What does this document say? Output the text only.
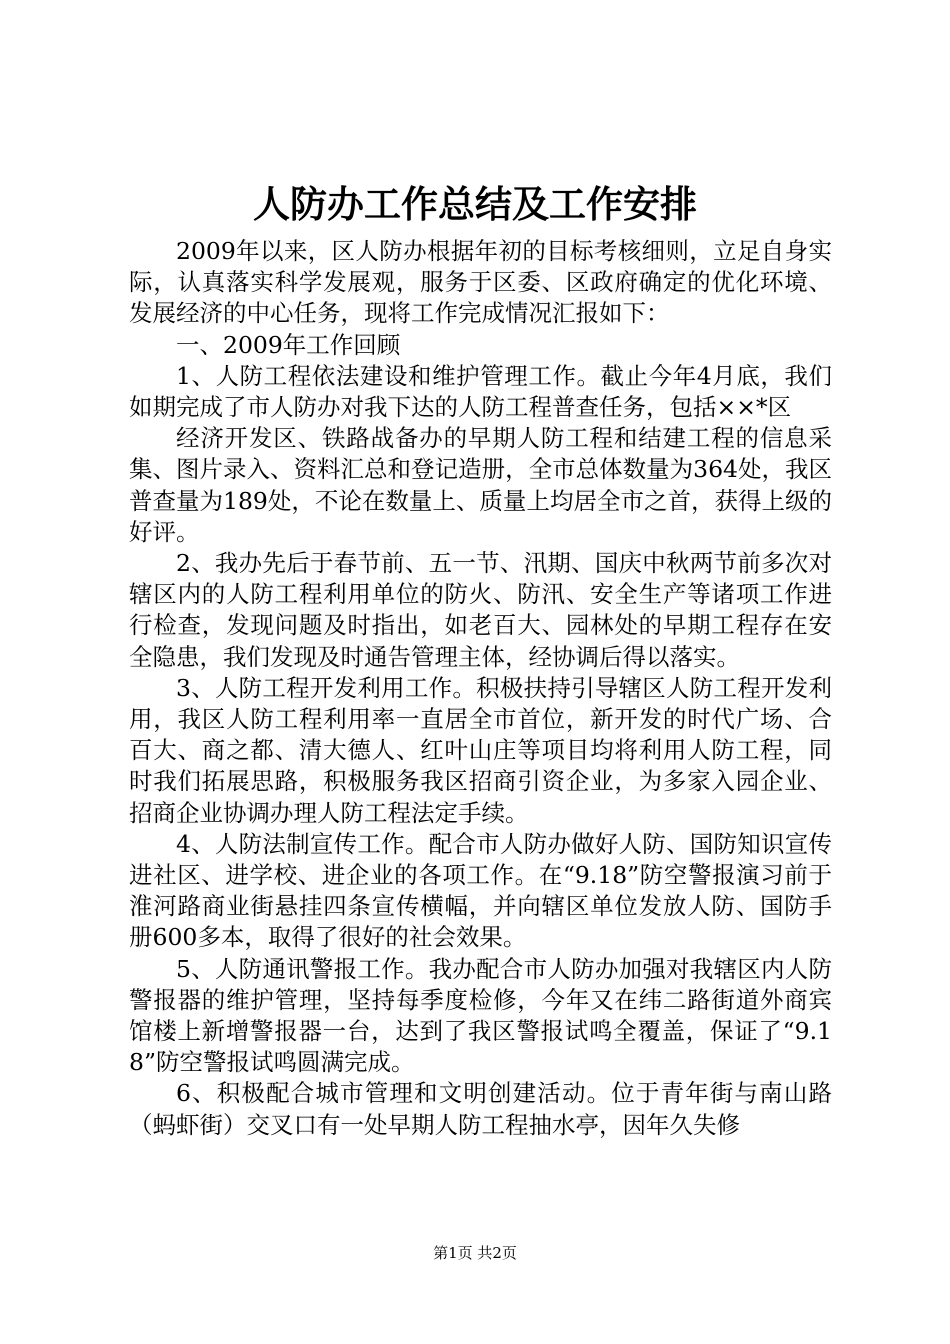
人防办工作总结及工作安排

2009年以来，区人防办根据年初的目标考核细则，立足自身实际，认真落实科学发展观，服务于区委、区政府确定的优化环境、发展经济的中心任务，现将工作完成情况汇报如下：

一、2009年工作回顾

1、人防工程依法建设和维护管理工作。截止今年4月底，我们如期完成了市人防办对我下达的人防工程普查任务，包括××*区

经济开发区、铁路战备办的早期人防工程和结建工程的信息采集、图片录入、资料汇总和登记造册，全市总体数量为364处，我区普查量为189处，不论在数量上、质量上均居全市之首，获得上级的好评。

2、我办先后于春节前、五一节、汛期、国庆中秋两节前多次对辖区内的人防工程利用单位的防火、防汛、安全生产等诸项工作进行检查，发现问题及时指出，如老百大、园林处的早期工程存在安全隐患，我们发现及时通告管理主体，经协调后得以落实。

3、人防工程开发利用工作。积极扶持引导辖区人防工程开发利用，我区人防工程利用率一直居全市首位，新开发的时代广场、合百大、商之都、清大德人、红叶山庄等项目均将利用人防工程，同时我们拓展思路，积极服务我区招商引资企业，为多家入园企业、招商企业协调办理人防工程法定手续。

4、人防法制宣传工作。配合市人防办做好人防、国防知识宣传进社区、进学校、进企业的各项工作。在“9.18”防空警报演习前于淮河路商业街悬挂四条宣传横幅，并向辖区单位发放人防、国防手册600多本，取得了很好的社会效果。

5、人防通讯警报工作。我办配合市人防办加强对我辖区内人防警报器的维护管理，坚持每季度检修，今年又在纬二路街道外商宾馆楼上新增警报器一台，达到了我区警报试鸣全覆盖，保证了“9.18”防空警报试鸣圆满完成。

6、积极配合城市管理和文明创建活动。位于青年街与南山路（蚂虾街）交叉口有一处早期人防工程抽水亭，因年久失修

第1页 共2页
